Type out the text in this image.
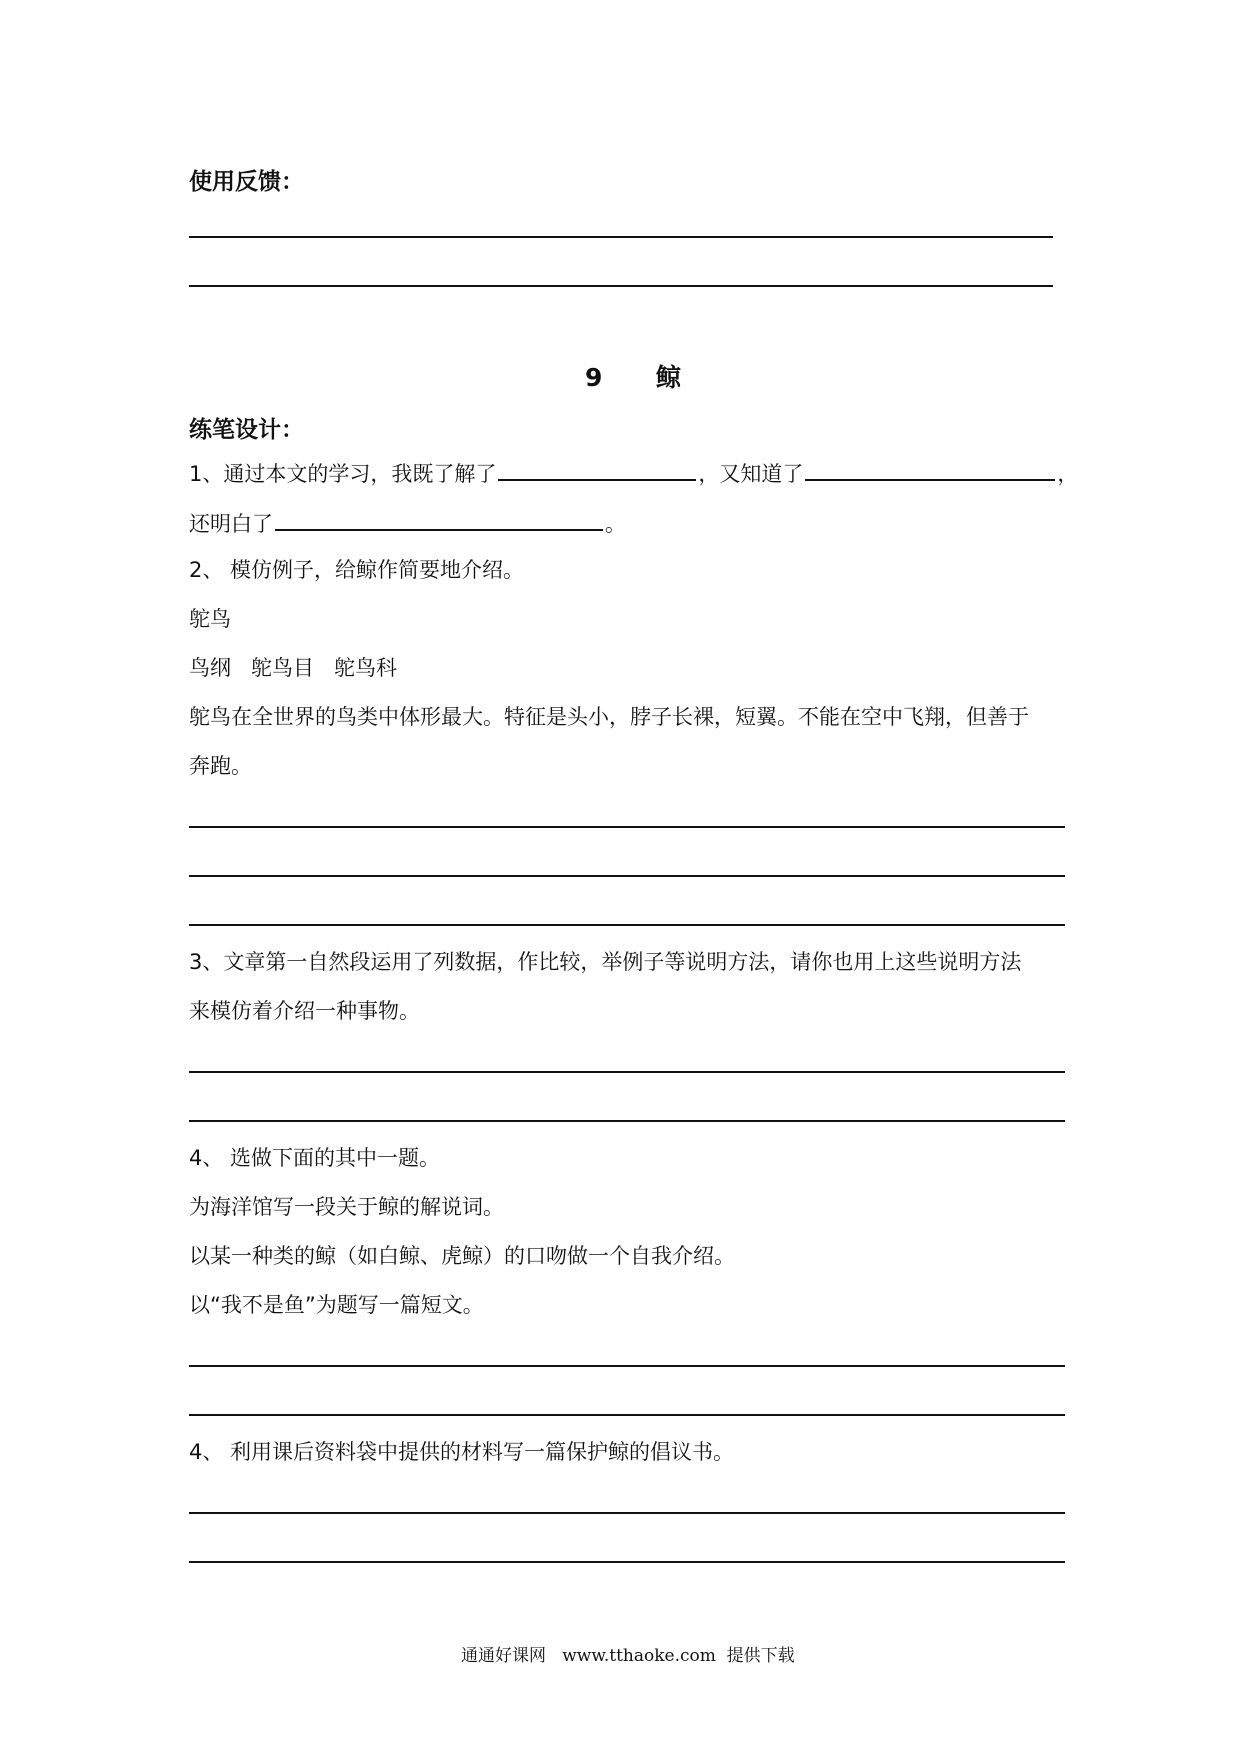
使用反馈：
9 鲸
练笔设计：
1、通过本文的学习，我既了解了	，又知道了	，
还明白了	。
2、 模仿例子，给鲸作简要地介绍。
鸵鸟
鸟纲   鸵鸟目   鸵鸟科
鸵鸟在全世界的鸟类中体形最大。特征是头小，脖子长裸，短翼。不能在空中飞翔，但善于
奔跑。
3、文章第一自然段运用了列数据，作比较，举例子等说明方法，请你也用上这些说明方法
来模仿着介绍一种事物。
4、 选做下面的其中一题。
为海洋馆写一段关于鲸的解说词。
以某一种类的鲸（如白鲸、虎鲸）的口吻做一个自我介绍。
以“我不是鱼”为题写一篇短文。
4、 利用课后资料袋中提供的材料写一篇保护鲸的倡议书。
通通好课网   www.tthaoke.com  提供下载
